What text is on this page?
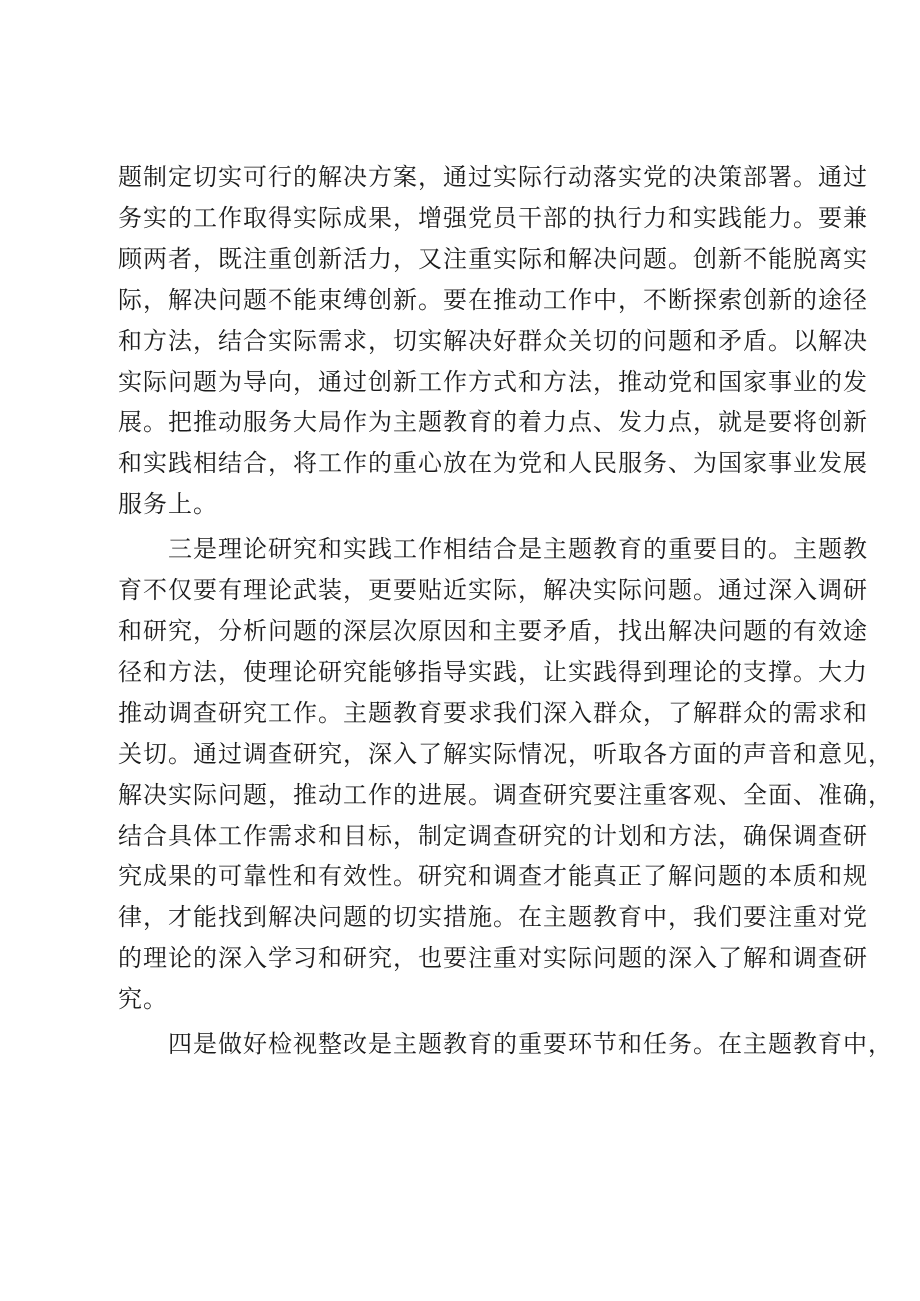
题制定切实可行的解决方案，通过实际行动落实党的决策部署。通过
务实的工作取得实际成果，增强党员干部的执行力和实践能力。要兼
顾两者，既注重创新活力，又注重实际和解决问题。创新不能脱离实
际，解决问题不能束缚创新。要在推动工作中，不断探索创新的途径
和方法，结合实际需求，切实解决好群众关切的问题和矛盾。以解决
实际问题为导向，通过创新工作方式和方法，推动党和国家事业的发
展。把推动服务大局作为主题教育的着力点、发力点，就是要将创新
和实践相结合，将工作的重心放在为党和人民服务、为国家事业发展
服务上。
三是理论研究和实践工作相结合是主题教育的重要目的。主题教
育不仅要有理论武装，更要贴近实际，解决实际问题。通过深入调研
和研究，分析问题的深层次原因和主要矛盾，找出解决问题的有效途
径和方法，使理论研究能够指导实践，让实践得到理论的支撑。大力
推动调查研究工作。主题教育要求我们深入群众，了解群众的需求和
关切。通过调查研究，深入了解实际情况，听取各方面的声音和意见，
解决实际问题，推动工作的进展。调查研究要注重客观、全面、准确，
结合具体工作需求和目标，制定调查研究的计划和方法，确保调查研
究成果的可靠性和有效性。研究和调查才能真正了解问题的本质和规
律，才能找到解决问题的切实措施。在主题教育中，我们要注重对党
的理论的深入学习和研究，也要注重对实际问题的深入了解和调查研
究。
四是做好检视整改是主题教育的重要环节和任务。在主题教育中，
